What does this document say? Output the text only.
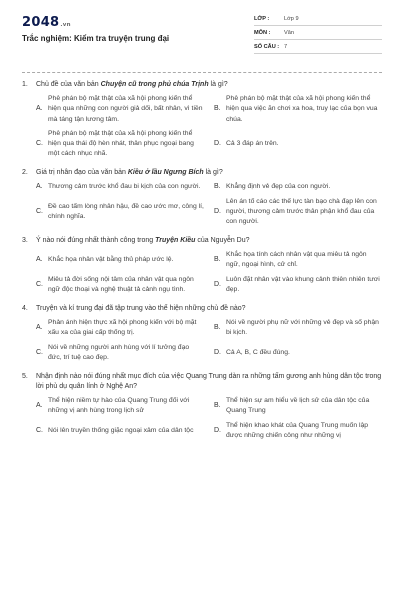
2048.vn
Trắc nghiệm: Kiểm tra truyện trung đại
LỚP :	Lớp 9
MÔN :	Văn
SỐ CÂU : 7
1.	Chủ đề của văn bản Chuyện cũ trong phủ chúa Trịnh là gì?
A.
Phê phán bộ mặt thật của xã hội phong kiến thể hiện qua những con người giả dối, bất nhân, vì tiền mà táng tận lương tâm.
B.
Phê phán bộ mặt thật của xã hội phong kiến thể hiện qua việc ăn chơi xa hoa, truy lạc của bọn vua chúa.
C.
Phê phán bộ mặt thật của xã hội phong kiến thể hiện qua thái độ hèn nhát, thân phục ngoại bang một cách nhục nhã.
D. Cả 3 đáp án trên.
2.	Giá trị nhân đạo của văn bản Kiều ở lầu Ngưng Bích là gì?
A. Thương cảm trước khổ đau bi kịch của con người.	B. Khẳng định vẻ đẹp của con người.
C.
Đề cao tấm lòng nhân hậu, đề cao ước mơ, công lí, chính nghĩa.
D.
Lên án tố cáo các thế lực tàn bạo chà đạp lên con người, thương cảm trước thân phận khổ đau của con người.
3.	Ý nào nói đúng nhất thành công trong Truyện Kiều của Nguyễn Du?
A. Khắc họa nhân vật bằng thủ pháp ước lệ.	B.
Khắc họa tính cách nhân vật qua miêu tả ngôn ngữ, ngoại hình, cử chỉ.
C.
Miêu tả đời sống nội tâm của nhân vật qua ngôn ngữ độc thoại và nghệ thuật tả cảnh ngụ tình.
D.
Luôn đặt nhân vật vào khung cảnh thiên nhiên tươi đẹp.
4.	Truyện và kí trung đại đã tập trung vào thể hiện những chủ đề nào?
A.
Phản ánh hiện thực xã hội phong kiến với bộ mặt xấu xa của giai cấp thống trị.
B.
Nói về người phụ nữ với những vẻ đẹp và số phận bi kịch.
C.
Nói về những người anh hùng với lí tưởng đạo đức, trí tuệ cao đẹp.
D. Cả A, B, C đều đúng.
5.	Nhận định nào nói đúng nhất mục đích của việc Quang Trung dàn ra những tấm gương anh hùng dân tộc trong lời phủ dụ quân lính ở Nghệ An?
A.
Thể hiện niềm tự hào của Quang Trung đối với những vị anh hùng trong lịch sử
B.
Thể hiện sự am hiểu về lịch sử của dân tộc của Quang Trung
C. Nói lên truyền thống giặc ngoại xâm của dân tộc	D.
Thể hiện khao khát của Quang Trung muốn lập được những chiến công như những vị
